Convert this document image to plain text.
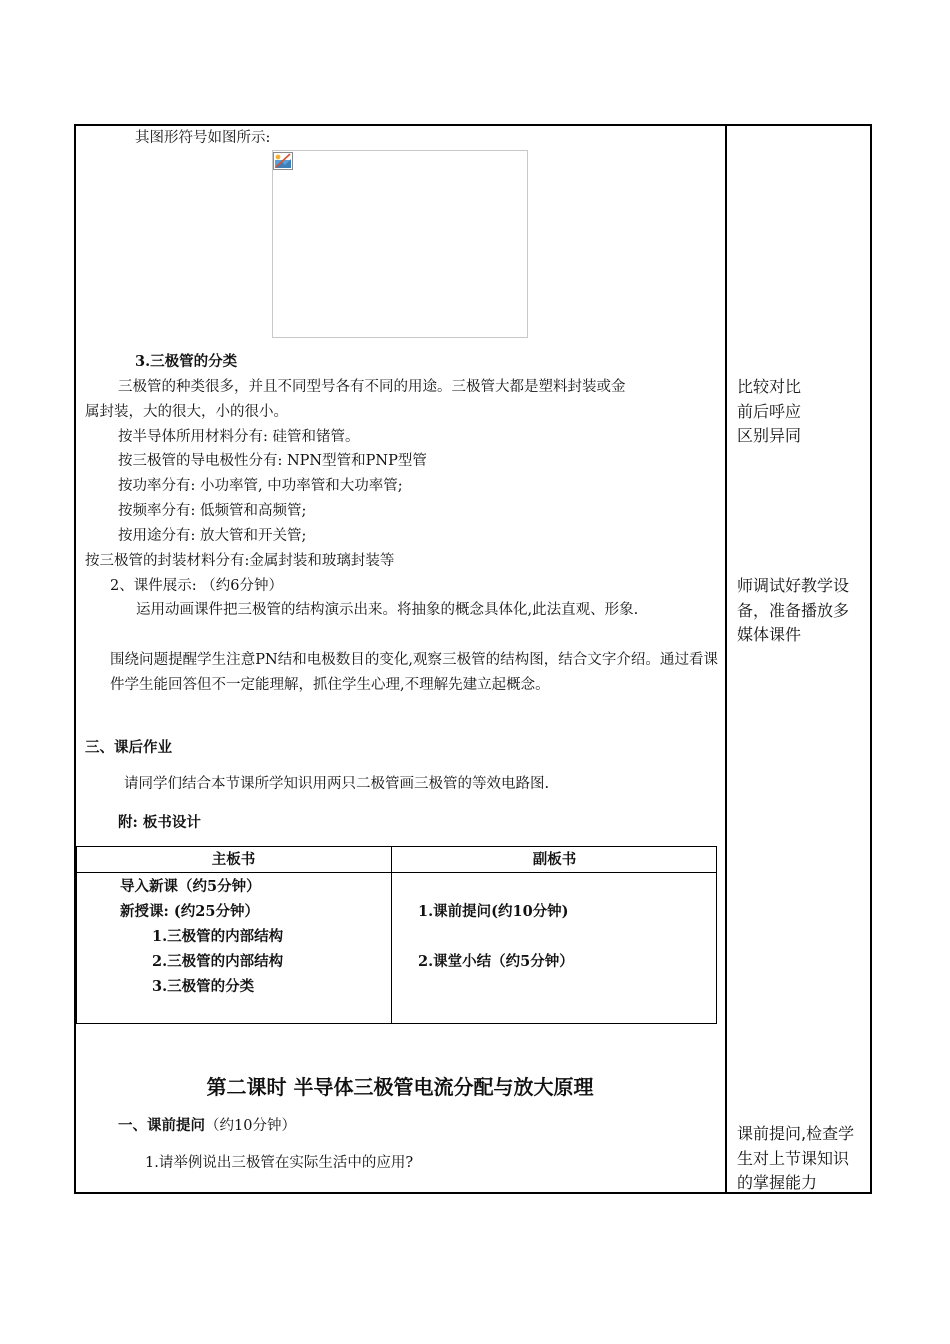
其图形符号如图所示:
3.三极管的分类
三极管的种类很多，并且不同型号各有不同的用途。三极管大都是塑料封装或金
属封装，大的很大，小的很小。
按半导体所用材料分有: 硅管和锗管。
按三极管的导电极性分有: NPN型管和PNP型管
按功率分有: 小功率管, 中功率管和大功率管;
按频率分有: 低频管和高频管;
按用途分有: 放大管和开关管;
按三极管的封装材料分有:金属封装和玻璃封装等
2、课件展示: （约6分钟）
运用动画课件把三极管的结构演示出来。将抽象的概念具体化,此法直观、形象.
围绕问题提醒学生注意PN结和电极数目的变化,观察三极管的结构图，结合文字介绍。通过看课件学生能回答但不一定能理解，抓住学生心理,不理解先建立起概念。
三、课后作业
请同学们结合本节课所学知识用两只二极管画三极管的等效电路图.
附: 板书设计
主板书	副板书
导入新课（约5分钟）
新授课: (约25分钟）
1.三极管的内部结构
2.三极管的内部结构
3.三极管的分类
1.课前提问(约10分钟)
2.课堂小结（约5分钟）
第二课时 半导体三极管电流分配与放大原理
一、课前提问（约10分钟）
1.请举例说出三极管在实际生活中的应用?
比较对比
前后呼应
区别异同
师调试好教学设
备，准备播放多
媒体课件
课前提问,检查学
生对上节课知识
的掌握能力
